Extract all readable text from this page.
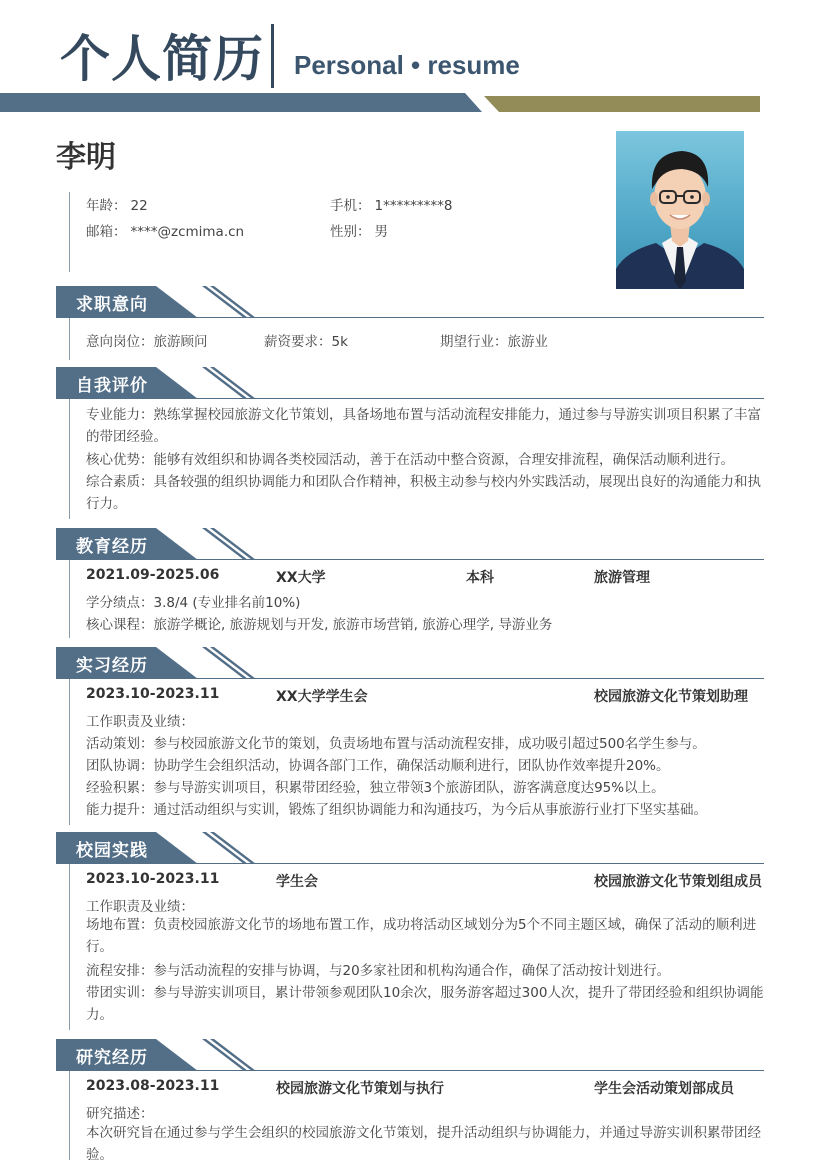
个人简历 Personal • resume
李明
年龄： 22	手机： 1*********8
邮箱： ****@zcmima.cn	性别： 男
求职意向
意向岗位：旅游顾问	薪资要求：5k	期望行业：旅游业
自我评价
专业能力：熟练掌握校园旅游文化节策划，具备场地布置与活动流程安排能力，通过参与导游实训项目积累了丰富的带团经验。
核心优势：能够有效组织和协调各类校园活动，善于在活动中整合资源，合理安排流程，确保活动顺利进行。
综合素质：具备较强的组织协调能力和团队合作精神，积极主动参与校内外实践活动，展现出良好的沟通能力和执行力。
教育经历
2021.09-2025.06	XX大学	本科	旅游管理
学分绩点：3.8/4 (专业排名前10%)
核心课程：旅游学概论, 旅游规划与开发, 旅游市场营销, 旅游心理学, 导游业务
实习经历
2023.10-2023.11	XX大学学生会	校园旅游文化节策划助理
工作职责及业绩：
活动策划：参与校园旅游文化节的策划，负责场地布置与活动流程安排，成功吸引超过500名学生参与。
团队协调：协助学生会组织活动，协调各部门工作，确保活动顺利进行，团队协作效率提升20%。
经验积累：参与导游实训项目，积累带团经验，独立带领3个旅游团队，游客满意度达95%以上。
能力提升：通过活动组织与实训，锻炼了组织协调能力和沟通技巧，为今后从事旅游行业打下坚实基础。
校园实践
2023.10-2023.11	学生会	校园旅游文化节策划组成员
工作职责及业绩：
场地布置：负责校园旅游文化节的场地布置工作，成功将活动区域划分为5个不同主题区域，确保了活动的顺利进行。
流程安排：参与活动流程的安排与协调，与20多家社团和机构沟通合作，确保了活动按计划进行。
带团实训：参与导游实训项目，累计带领参观团队10余次，服务游客超过300人次，提升了带团经验和组织协调能力。
研究经历
2023.08-2023.11	校园旅游文化节策划与执行	学生会活动策划部成员
研究描述：
本次研究旨在通过参与学生会组织的校园旅游文化节策划，提升活动组织与协调能力，并通过导游实训积累带团经验。
